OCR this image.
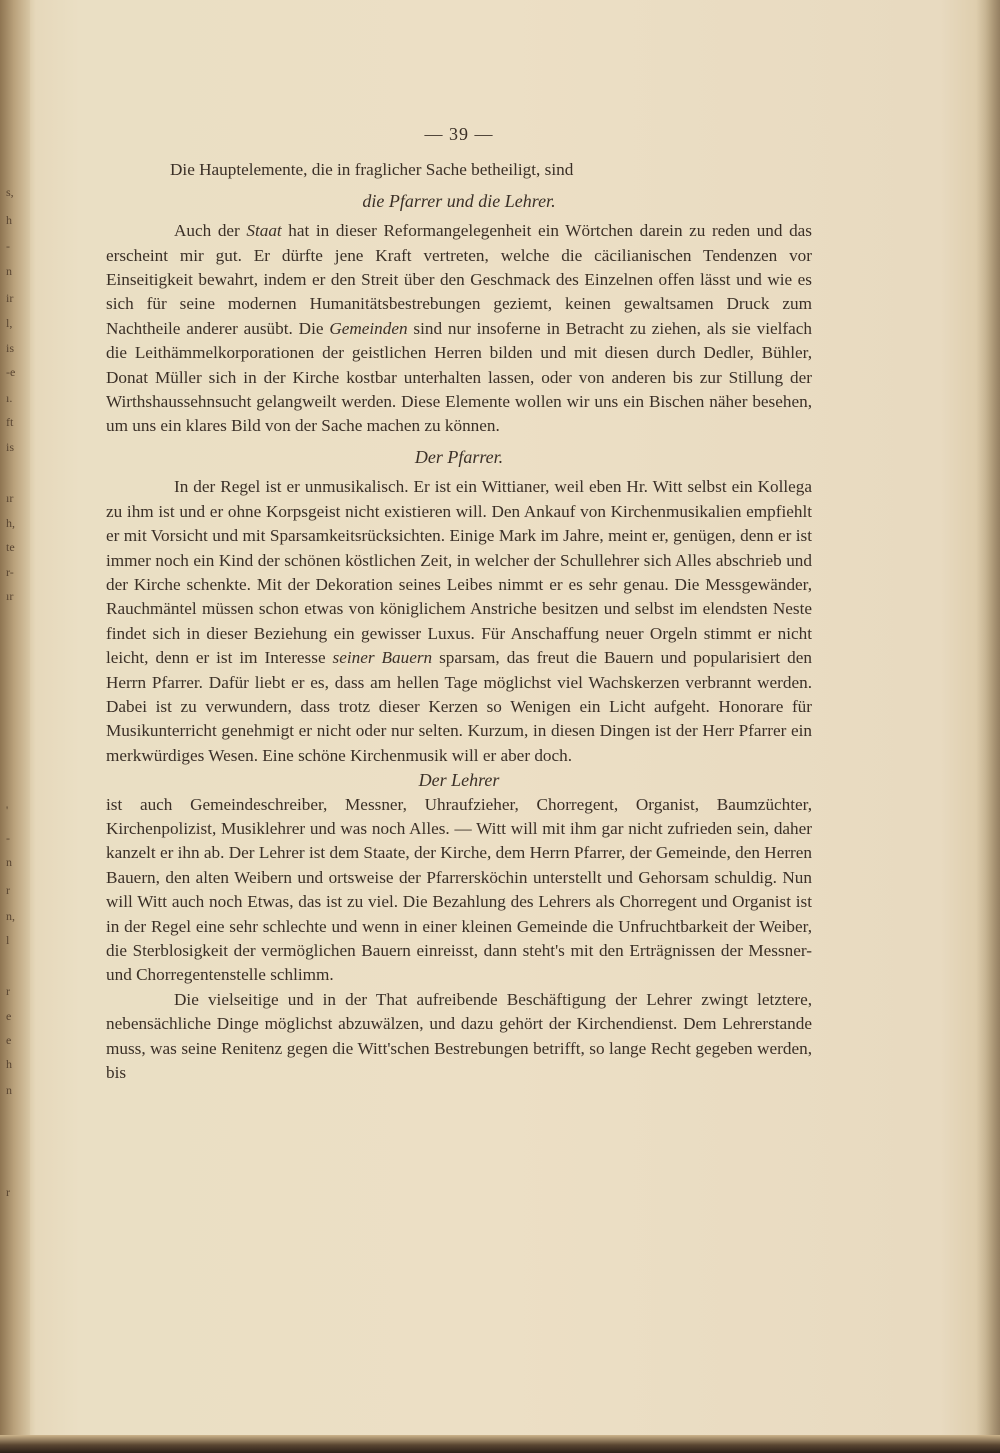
s,
h
-
n
ir
l,
is
-e
ı.
ft
is
ır
h,
te
r-
ır
'
-
n
r
n,
l
r
e
e
h
n
r
— 39 —

Die Hauptelemente, die in fraglicher Sache betheiligt, sind

die Pfarrer und die Lehrer.

Auch der Staat hat in dieser Reformangelegenheit ein Wörtchen darein zu reden und das erscheint mir gut. Er dürfte jene Kraft vertreten, welche die cäcilianischen Tendenzen vor Einseitigkeit bewahrt, indem er den Streit über den Geschmack des Einzelnen offen lässt und wie es sich für seine modernen Humanitätsbestrebungen geziemt, keinen gewaltsamen Druck zum Nachtheile anderer ausübt. Die Gemeinden sind nur insoferne in Betracht zu ziehen, als sie vielfach die Leithämmelkorporationen der geistlichen Herren bilden und mit diesen durch Dedler, Bühler, Donat Müller sich in der Kirche kostbar unterhalten lassen, oder von anderen bis zur Stillung der Wirthshaussehnsucht gelangweilt werden. Diese Elemente wollen wir uns ein Bischen näher besehen, um uns ein klares Bild von der Sache machen zu können.

Der Pfarrer.

In der Regel ist er unmusikalisch. Er ist ein Wittianer, weil eben Hr. Witt selbst ein Kollega zu ihm ist und er ohne Korpsgeist nicht existieren will. Den Ankauf von Kirchenmusikalien empfiehlt er mit Vorsicht und mit Sparsamkeitsrücksichten. Einige Mark im Jahre, meint er, genügen, denn er ist immer noch ein Kind der schönen köstlichen Zeit, in welcher der Schullehrer sich Alles abschrieb und der Kirche schenkte. Mit der Dekoration seines Leibes nimmt er es sehr genau. Die Messgewänder, Rauchmäntel müssen schon etwas von königlichem Anstriche besitzen und selbst im elendsten Neste findet sich in dieser Beziehung ein gewisser Luxus. Für Anschaffung neuer Orgeln stimmt er nicht leicht, denn er ist im Interesse seiner Bauern sparsam, das freut die Bauern und popularisiert den Herrn Pfarrer. Dafür liebt er es, dass am hellen Tage möglichst viel Wachskerzen verbrannt werden. Dabei ist zu verwundern, dass trotz dieser Kerzen so Wenigen ein Licht aufgeht. Honorare für Musikunterricht genehmigt er nicht oder nur selten. Kurzum, in diesen Dingen ist der Herr Pfarrer ein merkwürdiges Wesen. Eine schöne Kirchenmusik will er aber doch.

Der Lehrer

ist auch Gemeindeschreiber, Messner, Uhraufzieher, Chorregent, Organist, Baumzüchter, Kirchenpolizist, Musiklehrer und was noch Alles. — Witt will mit ihm gar nicht zufrieden sein, daher kanzelt er ihn ab. Der Lehrer ist dem Staate, der Kirche, dem Herrn Pfarrer, der Gemeinde, den Herren Bauern, den alten Weibern und ortsweise der Pfarrersköchin unterstellt und Gehorsam schuldig. Nun will Witt auch noch Etwas, das ist zu viel. Die Bezahlung des Lehrers als Chorregent und Organist ist in der Regel eine sehr schlechte und wenn in einer kleinen Gemeinde die Unfruchtbarkeit der Weiber, die Sterblosigkeit der vermöglichen Bauern einreisst, dann steht's mit den Erträgnissen der Messner- und Chorregentenstelle schlimm.

Die vielseitige und in der That aufreibende Beschäftigung der Lehrer zwingt letztere, nebensächliche Dinge möglichst abzuwälzen, und dazu gehört der Kirchendienst. Dem Lehrerstande muss, was seine Renitenz gegen die Witt'schen Bestrebungen betrifft, so lange Recht gegeben werden, bis
